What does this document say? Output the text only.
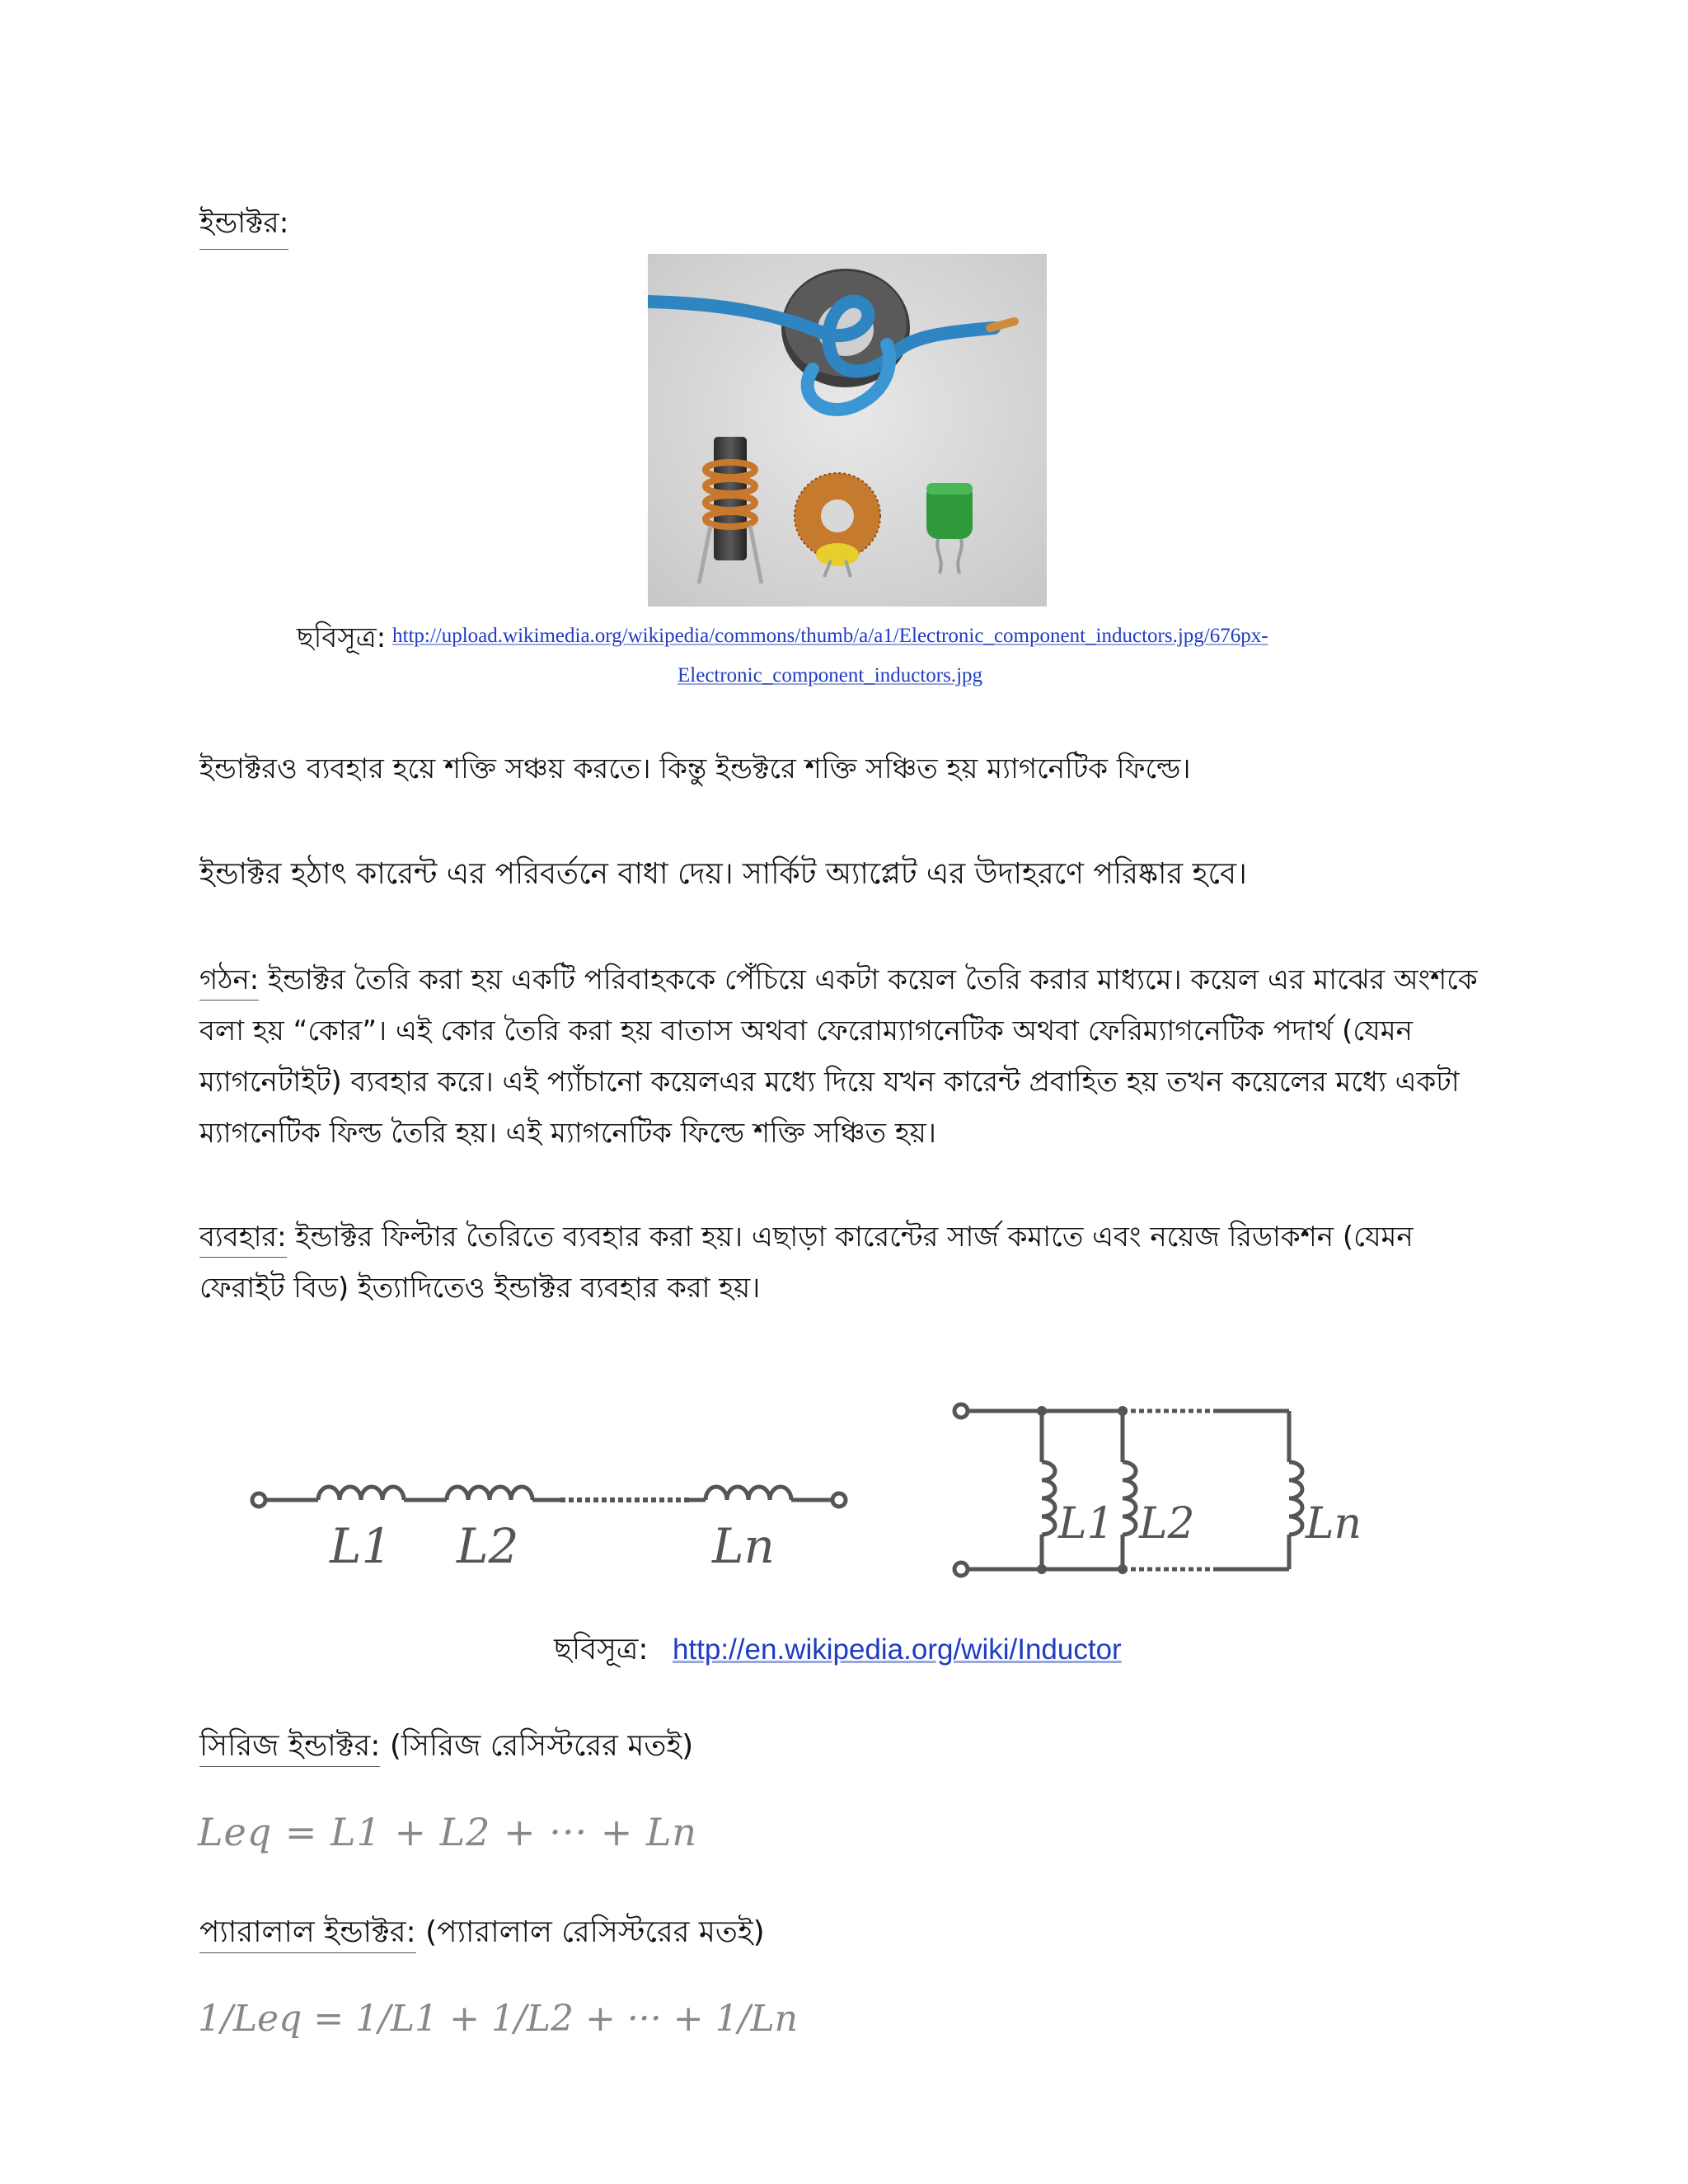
ইন্ডাক্টর:
ছবিসূত্র: http://upload.wikimedia.org/wikipedia/commons/thumb/a/a1/Electronic_component_inductors.jpg/676px-
Electronic_component_inductors.jpg
ইন্ডাক্টরও ব্যবহার হয়ে শক্তি সঞ্চয় করতে। কিন্তু ইন্ডক্টরে শক্তি সঞ্চিত হয় ম্যাগনেটিক ফিল্ডে।
ইন্ডাক্টর হঠাৎ কারেন্ট এর পরিবর্তনে বাধা দেয়। সার্কিট অ্যাপ্লেট এর উদাহরণে পরিষ্কার হবে।
গঠন: ইন্ডাক্টর তৈরি করা হয় একটি পরিবাহককে পেঁচিয়ে একটা কয়েল তৈরি করার মাধ্যমে। কয়েল এর মাঝের অংশকে
বলা হয় “কোর”। এই কোর তৈরি করা হয় বাতাস অথবা ফেরোম্যাগনেটিক অথবা ফেরিম্যাগনেটিক পদার্থ (যেমন
ম্যাগনেটাইট) ব্যবহার করে। এই প্যাঁচানো কয়েলএর মধ্যে দিয়ে যখন কারেন্ট প্রবাহিত হয় তখন কয়েলের মধ্যে একটা
ম্যাগনেটিক ফিল্ড তৈরি হয়। এই ম্যাগনেটিক ফিল্ডে শক্তি সঞ্চিত হয়।
ব্যবহার: ইন্ডাক্টর ফিল্টার তৈরিতে ব্যবহার করা হয়। এছাড়া কারেন্টের সার্জ কমাতে এবং নয়েজ রিডাকশন (যেমন
ফেরাইট বিড) ইত্যাদিতেও ইন্ডাক্টর ব্যবহার করা হয়।
L1 L2	Ln	L1 L2	Ln
ছবিসূত্র: http://en.wikipedia.org/wiki/Inductor
সিরিজ ইন্ডাক্টর: (সিরিজ রেসিস্টরের মতই)
Leq = L1 + L2 + ··· + Ln
প্যারালাল ইন্ডাক্টর: (প্যারালাল রেসিস্টরের মতই)
1/Leq = 1/L1 + 1/L2 + ··· + 1/Ln
